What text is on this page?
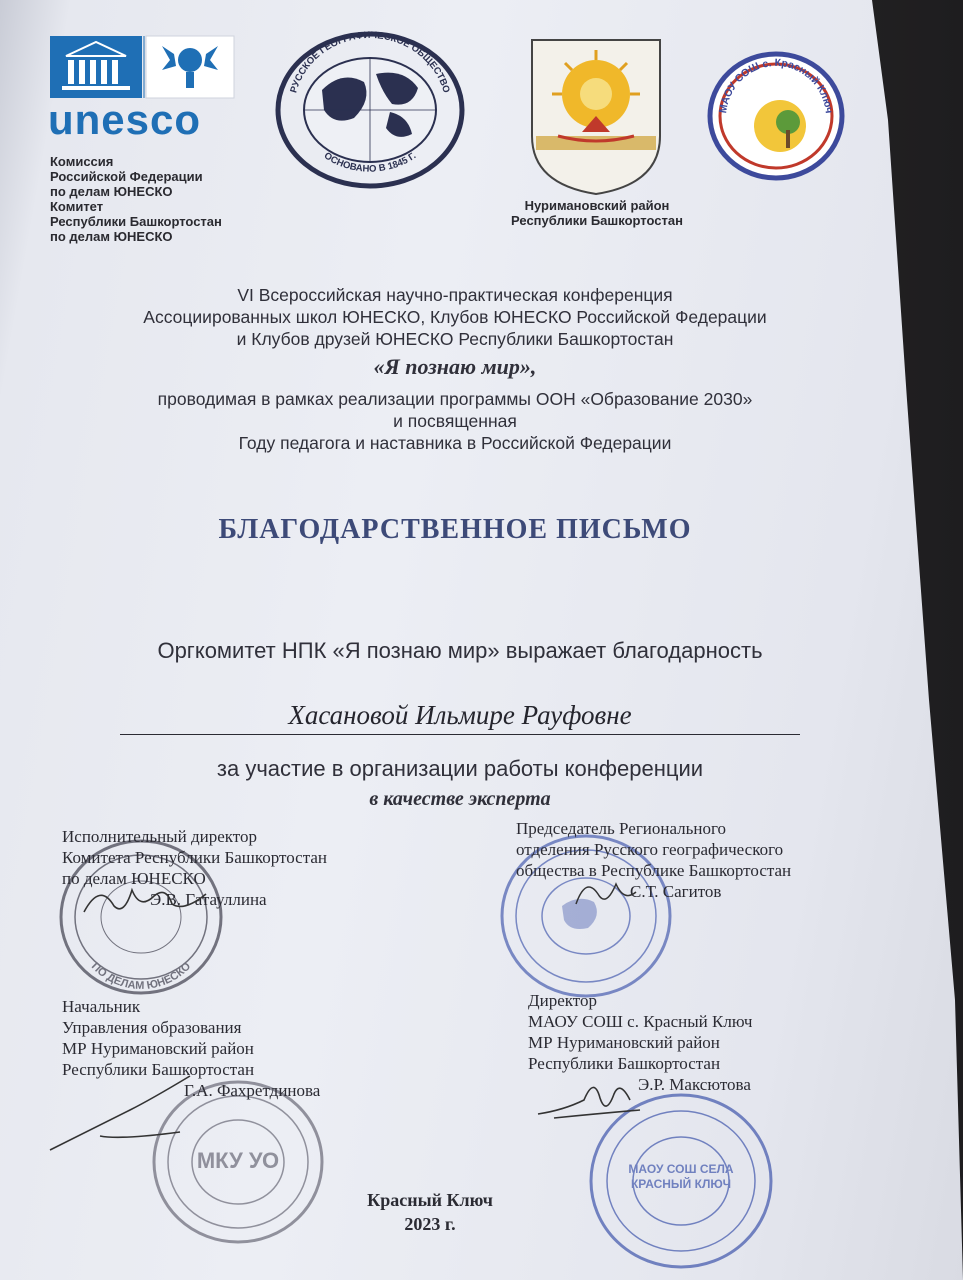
unesco
Комиссия
Российской Федерации
по делам ЮНЕСКО
Комитет
Республики Башкортостан
по делам ЮНЕСКО
РУССКОЕ ГЕОГРАФИЧЕСКОЕ ОБЩЕСТВО
ОСНОВАНО В 1845 Г.
Нуримановский район
Республики Башкортостан
МАОУ СОШ с. Красный Ключ
VI Всероссийская научно-практическая конференция
Ассоциированных школ ЮНЕСКО, Клубов ЮНЕСКО Российской Федерации
и Клубов друзей ЮНЕСКО Республики Башкортостан
«Я познаю мир»,
проводимая в рамках реализации программы ООН «Образование 2030»
и посвященная
Году педагога и наставника в Российской Федерации
БЛАГОДАРСТВЕННОЕ ПИСЬМО
Оргкомитет НПК «Я познаю мир» выражает благодарность
Хасановой Ильмире Рауфовне
за участие в организации работы конференции
в качестве эксперта
ПО ДЕЛАМ ЮНЕСКО
МКУ УО	МАОУ СОШ СЕЛА
КРАСНЫЙ КЛЮЧ
Исполнительный директор
Комитета Республики Башкортостан
по делам ЮНЕСКО
Э.В. Гатауллина
Председатель Регионального
отделения Русского географического
общества в Республике Башкортостан
С.Т. Сагитов
Начальник
Управления образования
МР Нуримановский район
Республики Башкортостан
Г.А. Фахретдинова
Директор
МАОУ СОШ с. Красный Ключ
МР Нуримановский район
Республики Башкортостан
Э.Р. Максютова
Красный Ключ
2023 г.
